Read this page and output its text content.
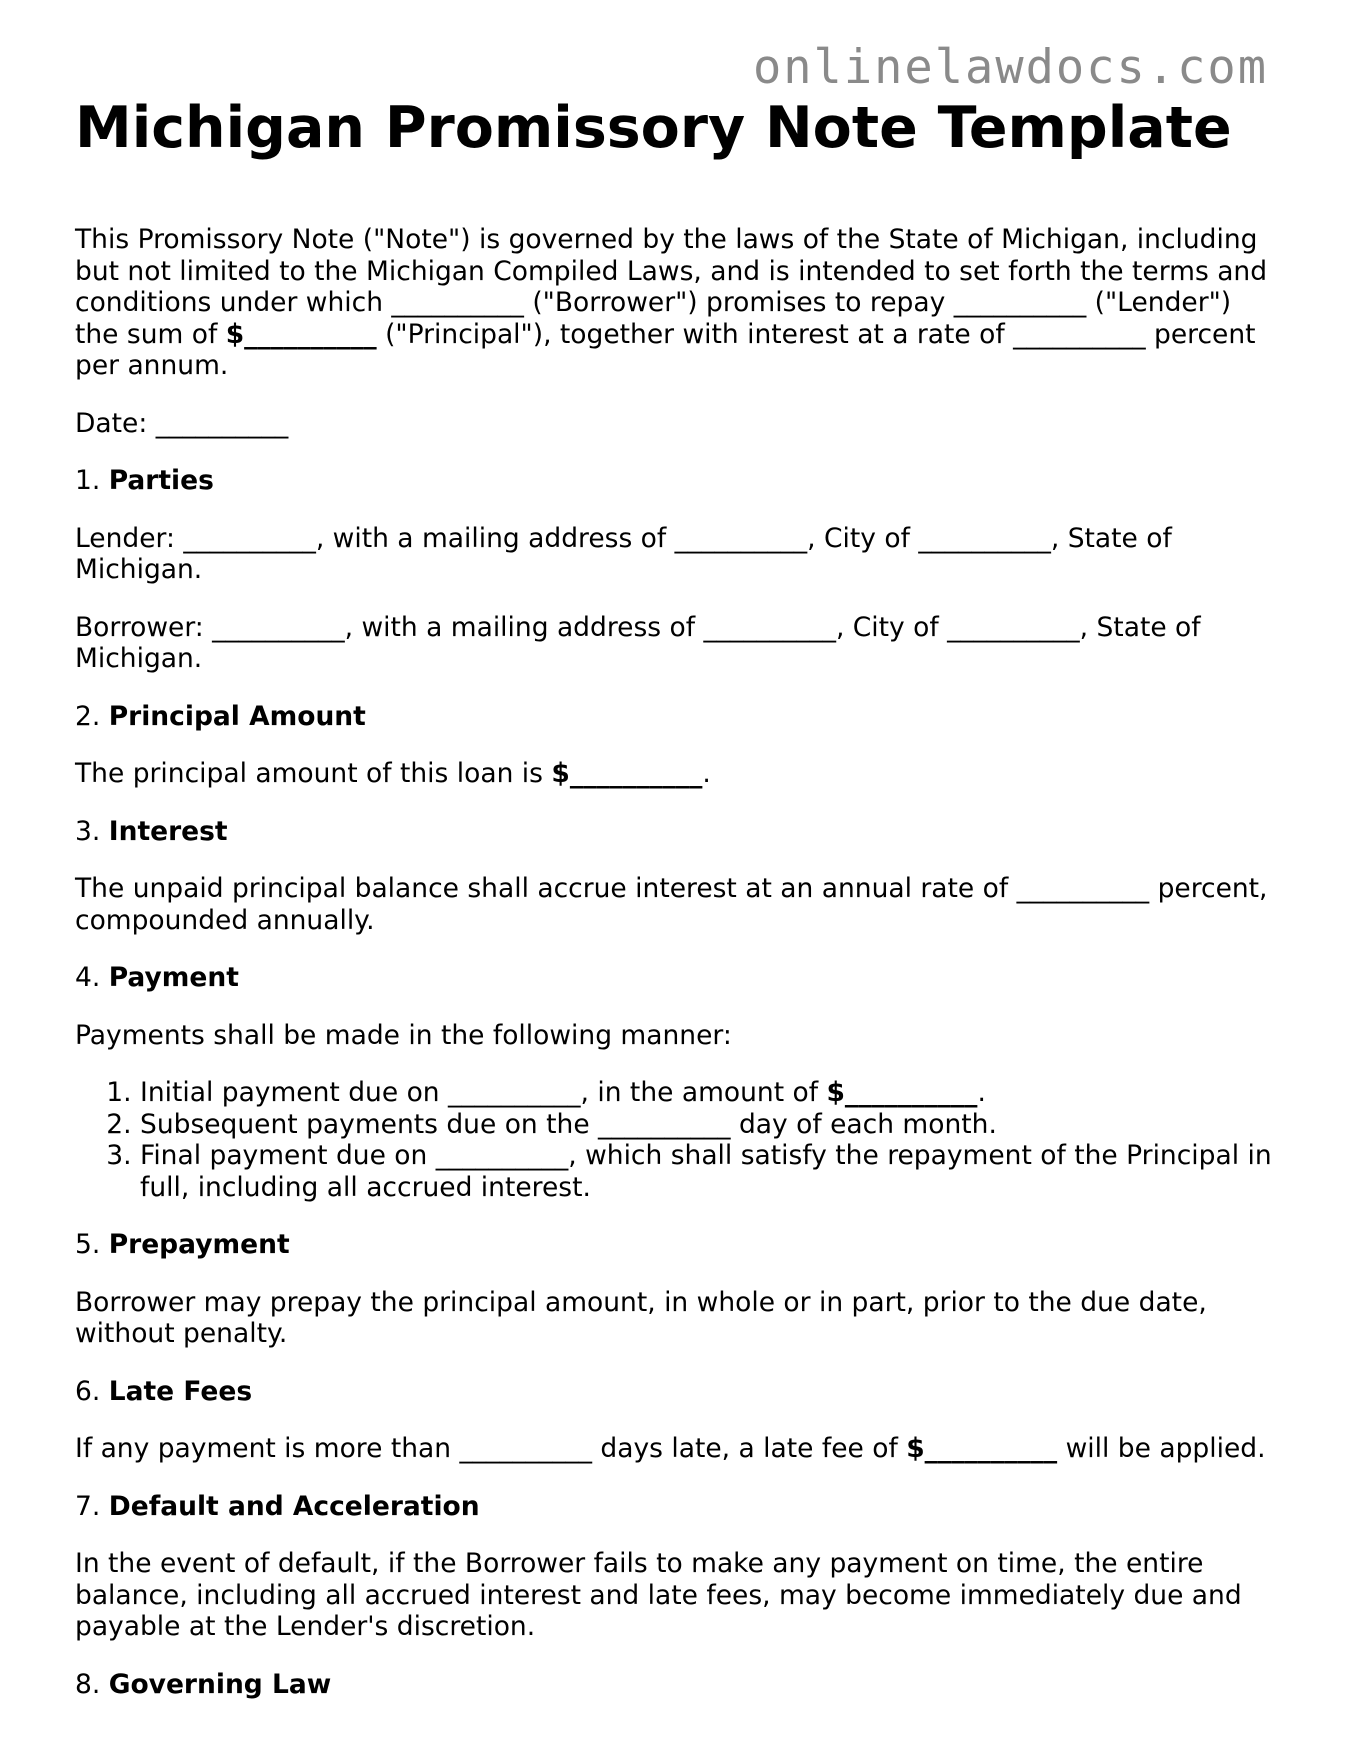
onlinelawdocs.com
Michigan Promissory Note Template

This Promissory Note ("Note") is governed by the laws of the State of Michigan, including but not limited to the Michigan Compiled Laws, and is intended to set forth the terms and conditions under which __________ ("Borrower") promises to repay __________ ("Lender") the sum of $__________ ("Principal"), together with interest at a rate of __________ percent per annum.

Date: __________

1. Parties

Lender: __________, with a mailing address of __________, City of __________, State of Michigan.

Borrower: __________, with a mailing address of __________, City of __________, State of Michigan.

2. Principal Amount

The principal amount of this loan is $__________.

3. Interest

The unpaid principal balance shall accrue interest at an annual rate of __________ percent, compounded annually.

4. Payment

Payments shall be made in the following manner:

1. Initial payment due on __________, in the amount of $__________.
2. Subsequent payments due on the __________ day of each month.
3. Final payment due on __________, which shall satisfy the repayment of the Principal in full, including all accrued interest.

5. Prepayment

Borrower may prepay the principal amount, in whole or in part, prior to the due date, without penalty.

6. Late Fees

If any payment is more than __________ days late, a late fee of $__________ will be applied.

7. Default and Acceleration

In the event of default, if the Borrower fails to make any payment on time, the entire balance, including all accrued interest and late fees, may become immediately due and payable at the Lender's discretion.

8. Governing Law
